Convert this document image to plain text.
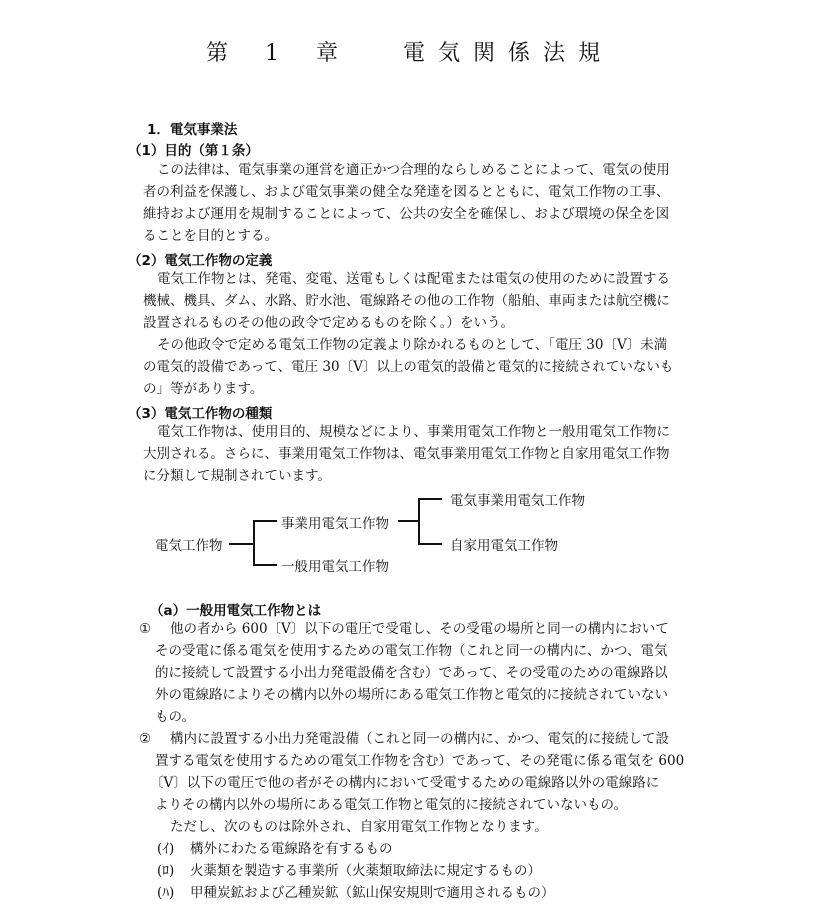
第 1 章 電気関係法規
1．電気事業法
（1）目的（第１条）
この法律は、電気事業の運営を適正かつ合理的ならしめることによって、電気の使用
者の利益を保護し、および電気事業の健全な発達を図るとともに、電気工作物の工事、
維持および運用を規制することによって、公共の安全を確保し、および環境の保全を図
ることを目的とする。
（2）電気工作物の定義
電気工作物とは、発電、変電、送電もしくは配電または電気の使用のために設置する
機械、機具、ダム、水路、貯水池、電線路その他の工作物（船舶、車両または航空機に
設置されるものその他の政令で定めるものを除く。）をいう。
その他政令で定める電気工作物の定義より除かれるものとして、「電圧 30〔V〕未満
の電気的設備であって、電圧 30〔V〕以上の電気的設備と電気的に接続されていないも
の」等があります。
（3）電気工作物の種類
電気工作物は、使用目的、規模などにより、事業用電気工作物と一般用電気工作物に
大別される。さらに、事業用電気工作物は、電気事業用電気工作物と自家用電気工作物
に分類して規制されています。
電気工作物
事業用電気工作物
一般用電気工作物
電気事業用電気工作物
自家用電気工作物
（a）一般用電気工作物とは
① 他の者から 600〔V〕以下の電圧で受電し、その受電の場所と同一の構内において
その受電に係る電気を使用するための電気工作物（これと同一の構内に、かつ、電気
的に接続して設置する小出力発電設備を含む）であって、その受電のための電線路以
外の電線路によりその構内以外の場所にある電気工作物と電気的に接続されていない
もの。
② 構内に設置する小出力発電設備（これと同一の構内に、かつ、電気的に接続して設
置する電気を使用するための電気工作物を含む）であって、その発電に係る電気を 600
〔V〕以下の電圧で他の者がその構内において受電するための電線路以外の電線路に
よりその構内以外の場所にある電気工作物と電気的に接続されていないもの。
ただし、次のものは除外され、自家用電気工作物となります。
(ｲ) 構外にわたる電線路を有するもの
(ﾛ) 火薬類を製造する事業所（火薬類取締法に規定するもの）
(ﾊ) 甲種炭鉱および乙種炭鉱（鉱山保安規則で適用されるもの）
